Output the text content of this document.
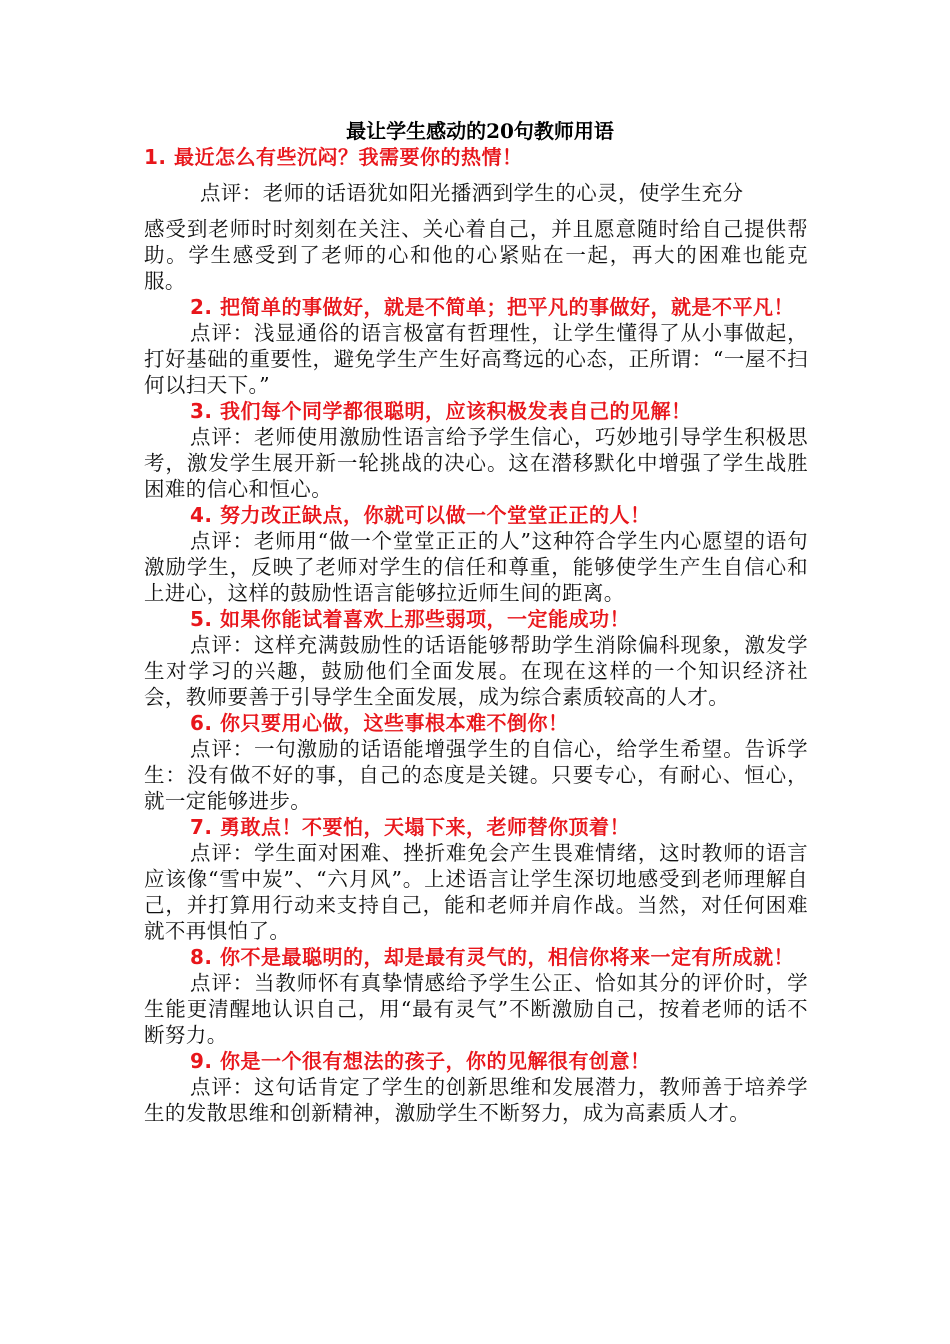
最让学生感动的20句教师用语
1. 最近怎么有些沉闷？我需要你的热情！
点评：老师的话语犹如阳光播洒到学生的心灵，使学生充分
感受到老师时时刻刻在关注、关心着自己，并且愿意随时给自己提供帮助。学生感受到了老师的心和他的心紧贴在一起，再大的困难也能克服。
2. 把简单的事做好，就是不简单；把平凡的事做好，就是不平凡！
点评：浅显通俗的语言极富有哲理性，让学生懂得了从小事做起，打好基础的重要性，避免学生产生好高骛远的心态，正所谓：“一屋不扫何以扫天下。”
3. 我们每个同学都很聪明，应该积极发表自己的见解！
点评：老师使用激励性语言给予学生信心，巧妙地引导学生积极思考，激发学生展开新一轮挑战的决心。这在潜移默化中增强了学生战胜困难的信心和恒心。
4. 努力改正缺点，你就可以做一个堂堂正正的人！
点评：老师用“做一个堂堂正正的人”这种符合学生内心愿望的语句激励学生，反映了老师对学生的信任和尊重，能够使学生产生自信心和上进心，这样的鼓励性语言能够拉近师生间的距离。
5. 如果你能试着喜欢上那些弱项，一定能成功！
点评：这样充满鼓励性的话语能够帮助学生消除偏科现象，激发学生对学习的兴趣，鼓励他们全面发展。在现在这样的一个知识经济社会，教师要善于引导学生全面发展，成为综合素质较高的人才。
6. 你只要用心做，这些事根本难不倒你！
点评：一句激励的话语能增强学生的自信心，给学生希望。告诉学生：没有做不好的事，自己的态度是关键。只要专心，有耐心、恒心，就一定能够进步。
7. 勇敢点！不要怕，天塌下来，老师替你顶着！
点评：学生面对困难、挫折难免会产生畏难情绪，这时教师的语言应该像“雪中炭”、“六月风”。上述语言让学生深切地感受到老师理解自己，并打算用行动来支持自己，能和老师并肩作战。当然，对任何困难就不再惧怕了。
8. 你不是最聪明的，却是最有灵气的，相信你将来一定有所成就！
点评：当教师怀有真挚情感给予学生公正、恰如其分的评价时，学生能更清醒地认识自己，用“最有灵气”不断激励自己，按着老师的话不断努力。
9. 你是一个很有想法的孩子，你的见解很有创意！
点评：这句话肯定了学生的创新思维和发展潜力，教师善于培养学生的发散思维和创新精神，激励学生不断努力，成为高素质人才。
